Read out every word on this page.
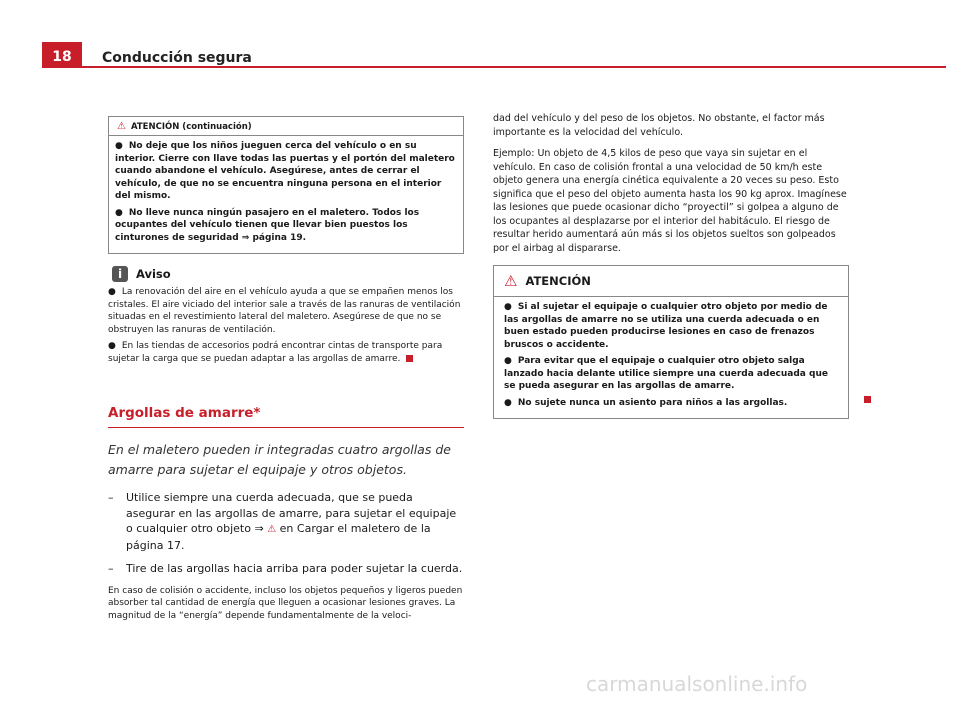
18	Conducción segura
⚠ ATENCIÓN (continuación)

● No deje que los niños jueguen cerca del vehículo o en su interior. Cierre con llave todas las puertas y el portón del maletero cuando abandone el vehículo. Asegúrese, antes de cerrar el vehículo, de que no se encuentra ninguna persona en el interior del mismo.

● No lleve nunca ningún pasajero en el maletero. Todos los ocupantes del vehículo tienen que llevar bien puestos los cinturones de seguridad ⇒ página 19.

i	Aviso

● La renovación del aire en el vehículo ayuda a que se empañen menos los cristales. El aire viciado del interior sale a través de las ranuras de ventilación situadas en el revestimiento lateral del maletero. Asegúrese de que no se obstruyen las ranuras de ventilación.

● En las tiendas de accesorios podrá encontrar cintas de transporte para sujetar la carga que se puedan adaptar a las argollas de amarre.

Argollas de amarre*
En el maletero pueden ir integradas cuatro argollas de amarre para sujetar el equipaje y otros objetos.
–	Utilice siempre una cuerda adecuada, que se pueda asegurar en las argollas de amarre, para sujetar el equipaje o cualquier otro objeto ⇒ ⚠ en Cargar el maletero de la página 17.
–	Tire de las argollas hacia arriba para poder sujetar la cuerda.

En caso de colisión o accidente, incluso los objetos pequeños y ligeros pueden absorber tal cantidad de energía que lleguen a ocasionar lesiones graves. La magnitud de la “energía” depende fundamentalmente de la veloci-

dad del vehículo y del peso de los objetos. No obstante, el factor más importante es la velocidad del vehículo.

Ejemplo: Un objeto de 4,5 kilos de peso que vaya sin sujetar en el vehículo. En caso de colisión frontal a una velocidad de 50 km/h este objeto genera una energía cinética equivalente a 20 veces su peso. Esto significa que el peso del objeto aumenta hasta los 90 kg aprox. Imagínese las lesiones que puede ocasionar dicho “proyectil” si golpea a alguno de los ocupantes al desplazarse por el interior del habitáculo. El riesgo de resultar herido aumentará aún más si los objetos sueltos son golpeados por el airbag al dispararse.

⚠ ATENCIÓN

● Si al sujetar el equipaje o cualquier otro objeto por medio de las argollas de amarre no se utiliza una cuerda adecuada o en buen estado pueden producirse lesiones en caso de frenazos bruscos o accidente.

● Para evitar que el equipaje o cualquier otro objeto salga lanzado hacia delante utilice siempre una cuerda adecuada que se pueda asegurar en las argollas de amarre.

● No sujete nunca un asiento para niños a las argollas.

carmanualsonline.info
